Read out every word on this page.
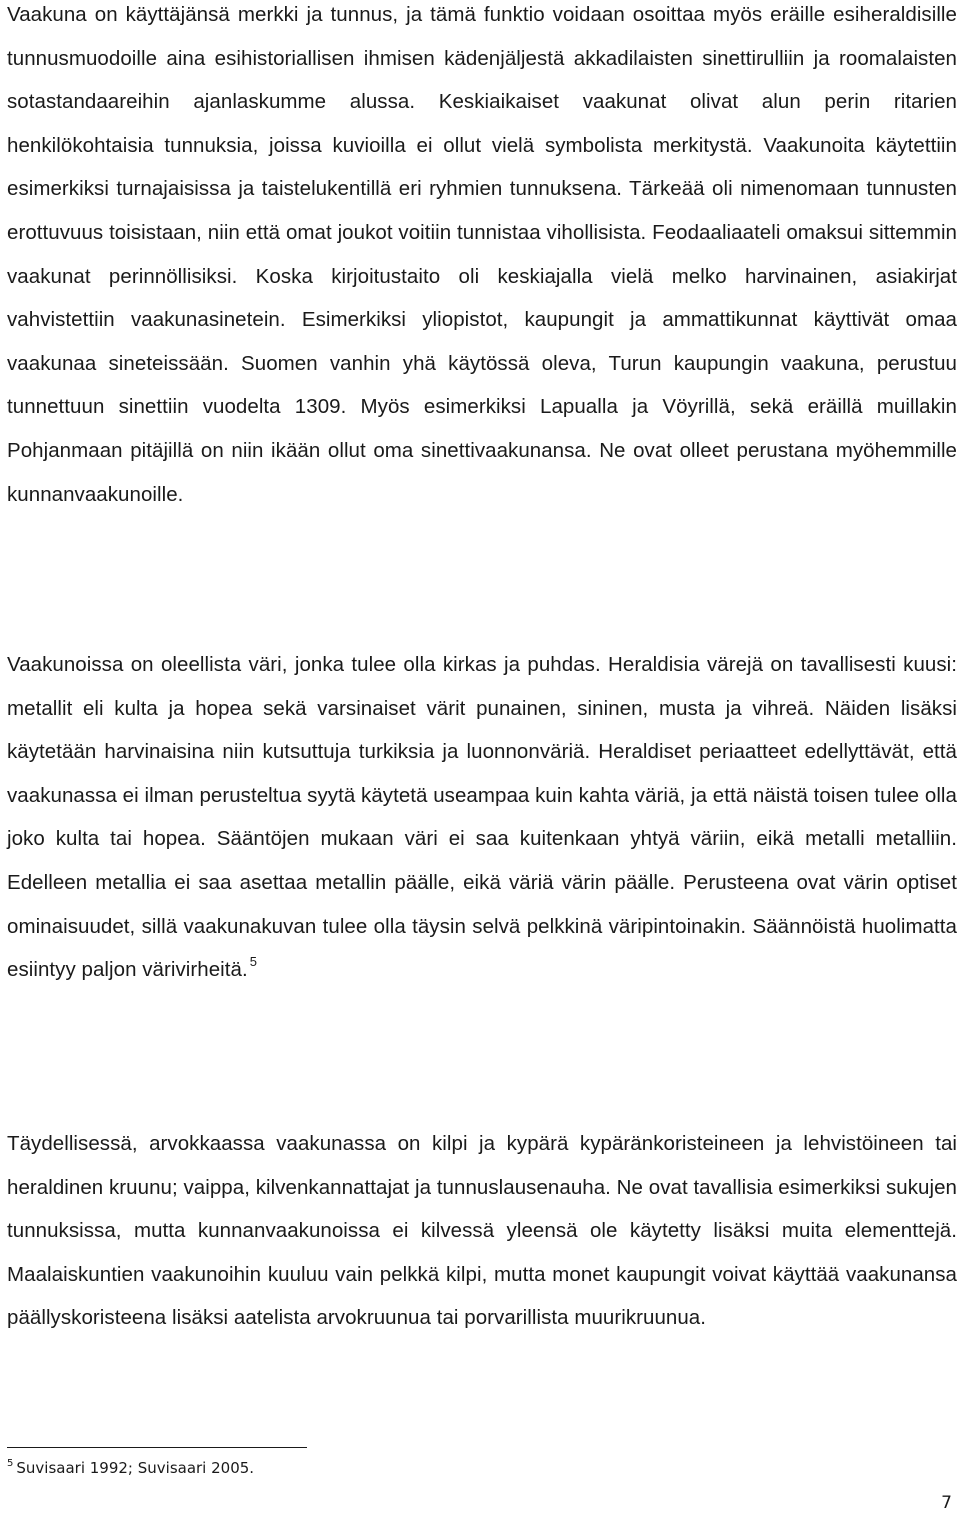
Vaakuna on käyttäjänsä merkki ja tunnus, ja tämä funktio voidaan osoittaa myös eräille esiheraldisille tunnusmuodoille aina esihistoriallisen ihmisen kädenjäljestä akkadilaisten sinettirulliin ja roomalaisten sotastandaareihin ajanlaskumme alussa. Keskiaikaiset vaakunat olivat alun perin ritarien henkilökohtaisia tunnuksia, joissa kuvioilla ei ollut vielä symbolista merkitystä. Vaakunoita käytettiin esimerkiksi turnajaisissa ja taistelukentillä eri ryhmien tunnuksena. Tärkeää oli nimenomaan tunnusten erottuvuus toisistaan, niin että omat joukot voitiin tunnistaa vihollisista. Feodaaliaateli omaksui sittemmin vaakunat perinnöllisiksi. Koska kirjoitustaito oli keskiajalla vielä melko harvinainen, asiakirjat vahvistettiin vaakunasinetein. Esimerkiksi yliopistot, kaupungit ja ammattikunnat käyttivät omaa vaakunaa sineteissään. Suomen vanhin yhä käytössä oleva, Turun kaupungin vaakuna, perustuu tunnettuun sinettiin vuodelta 1309. Myös esimerkiksi Lapualla ja Vöyrillä, sekä eräillä muillakin Pohjanmaan pitäjillä on niin ikään ollut oma sinettivaakunansa. Ne ovat olleet perustana myöhemmille kunnanvaakunoille.

Vaakunoissa on oleellista väri, jonka tulee olla kirkas ja puhdas. Heraldisia värejä on tavallisesti kuusi: metallit eli kulta ja hopea sekä varsinaiset värit punainen, sininen, musta ja vihreä. Näiden lisäksi käytetään harvinaisina niin kutsuttuja turkiksia ja luonnonväriä. Heraldiset periaatteet edellyttävät, että vaakunassa ei ilman perusteltua syytä käytetä useampaa kuin kahta väriä, ja että näistä toisen tulee olla joko kulta tai hopea. Sääntöjen mukaan väri ei saa kuitenkaan yhtyä väriin, eikä metalli metalliin. Edelleen metallia ei saa asettaa metallin päälle, eikä väriä värin päälle. Perusteena ovat värin optiset ominaisuudet, sillä vaakunakuvan tulee olla täysin selvä pelkkinä väripintoinakin. Säännöistä huolimatta esiintyy paljon värivirheitä. $^5$

Täydellisessä, arvokkaassa vaakunassa on kilpi ja kypärä kypäränkoristeineen ja lehvistöineen tai heraldinen kruunu; vaippa, kilvenkannattajat ja tunnuslausenauha. Ne ovat tavallisia esimerkiksi sukujen tunnuksissa, mutta kunnanvaakunoissa ei kilvessä yleensä ole käytetty lisäksi muita elementtejä. Maalaiskuntien vaakunoihin kuuluu vain pelkkä kilpi, mutta monet kaupungit voivat käyttää vaakunansa päällyskoristeena lisäksi aatelista arvokruunua tai porvarillista muurikruunua.

$^5$ Suvisaari 1992; Suvisaari 2005.

7
